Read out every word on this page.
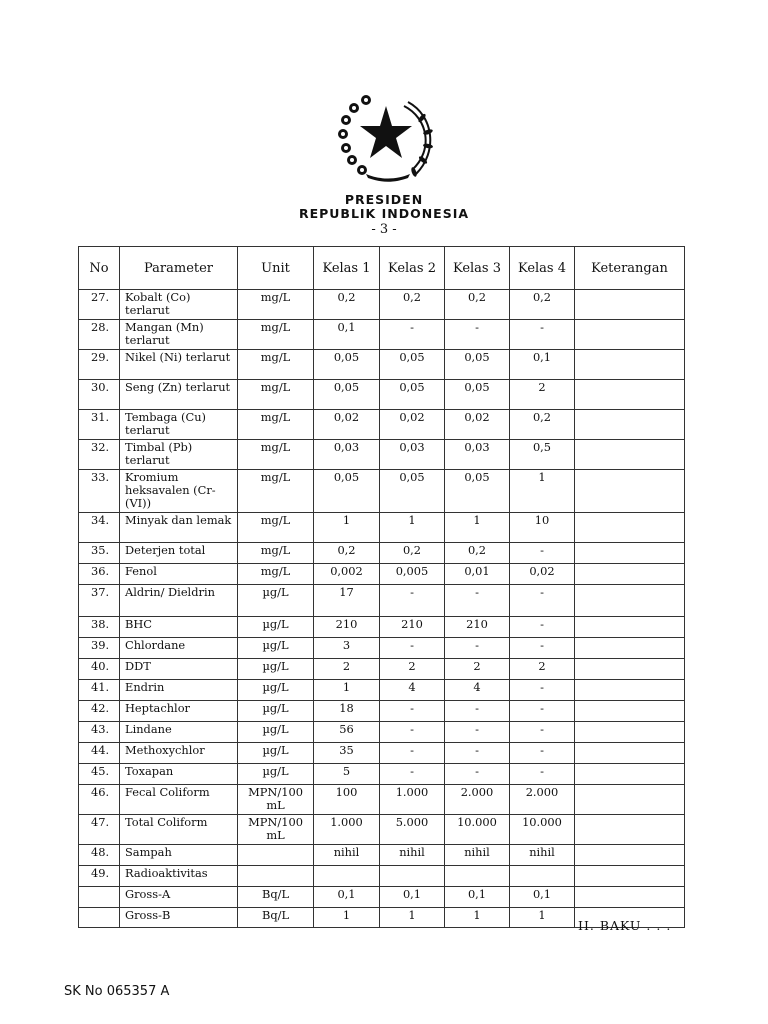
PRESIDEN
REPUBLIK INDONESIA
- 3 -
No	Parameter	Unit	Kelas 1	Kelas 2	Kelas 3	Kelas 4	Keterangan
27.	Kobalt (Co) terlarut	mg/L	0,2	0,2	0,2	0,2	
28.	Mangan (Mn) terlarut	mg/L	0,1	-	-	-	
29.	Nikel (Ni) terlarut	mg/L	0,05	0,05	0,05	0,1	
30.	Seng (Zn) terlarut	mg/L	0,05	0,05	0,05	2	
31.	Tembaga (Cu) terlarut	mg/L	0,02	0,02	0,02	0,2	
32.	Timbal (Pb) terlarut	mg/L	0,03	0,03	0,03	0,5	
33.	Kromium heksavalen (Cr-(VI))	mg/L	0,05	0,05	0,05	1	
34.	Minyak dan lemak	mg/L	1	1	1	10	
35.	Deterjen total	mg/L	0,2	0,2	0,2	-	
36.	Fenol	mg/L	0,002	0,005	0,01	0,02	
37.	Aldrin/ Dieldrin	µg/L	17	-	-	-	
38.	BHC	µg/L	210	210	210	-	
39.	Chlordane	µg/L	3	-	-	-	
40.	DDT	µg/L	2	2	2	2	
41.	Endrin	µg/L	1	4	4	-	
42.	Heptachlor	µg/L	18	-	-	-	
43.	Lindane	µg/L	56	-	-	-	
44.	Methoxychlor	µg/L	35	-	-	-	
45.	Toxapan	µg/L	5	-	-	-	
46.	Fecal Coliform	MPN/100 mL	100	1.000	2.000	2.000	
47.	Total Coliform	MPN/100 mL	1.000	5.000	10.000	10.000	
48.	Sampah		nihil	nihil	nihil	nihil	
49.	Radioaktivitas						
	Gross-A	Bq/L	0,1	0,1	0,1	0,1	
	Gross-B	Bq/L	1	1	1	1	
II. BAKU . . .
SK No 065357 A
